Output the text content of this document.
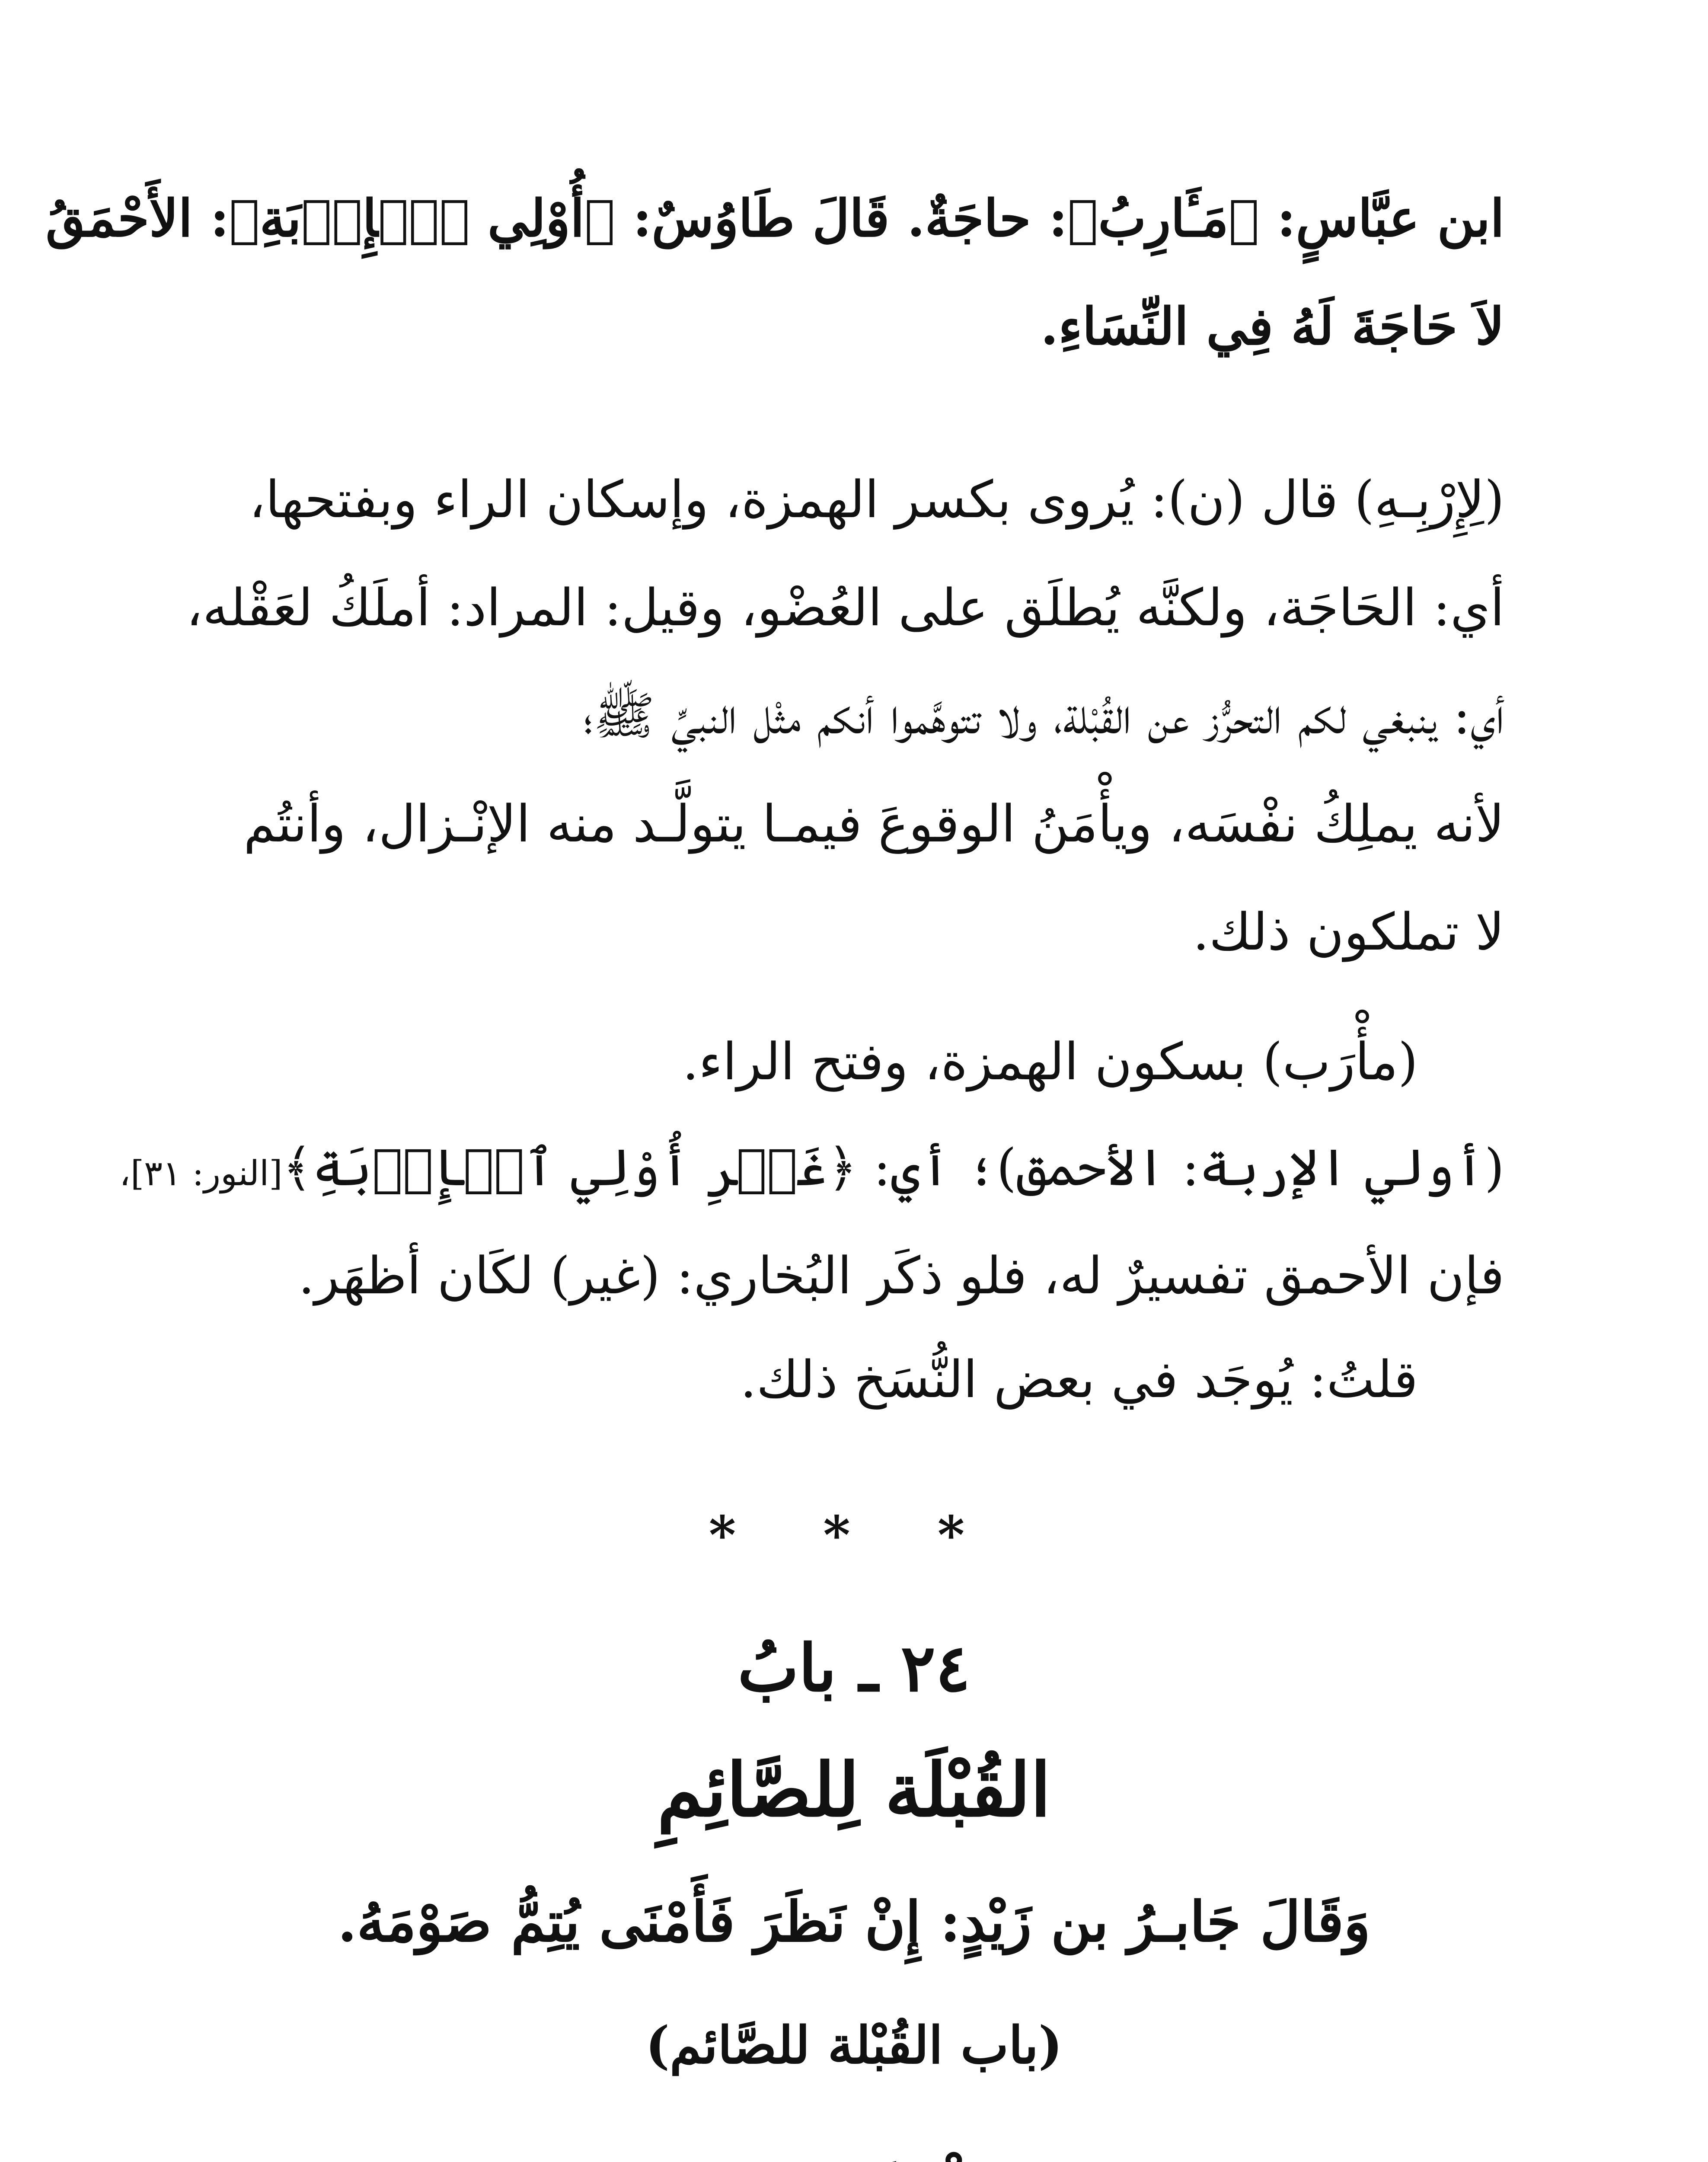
ابن عبَّاسٍ: ﴿مَـَٔارِبُ﴾: حاجَةٌ. قَالَ طَاوُسٌ: ﴿أُوْلِي ٱلۡإِرۡبَةِ﴾: الأَحْمَقُ
لاَ حَاجَةَ لَهُ فِي النِّسَاءِ.
(لِإِرْبِـهِ) قال (ن): يُروى بكسر الهمزة، وإسكان الراء وبفتحها،
أي: الحَاجَة، ولكنَّه يُطلَق على العُضْو، وقيل: المراد: أملَكُ لعَقْله،
أي: ينبغي لكم التحرُّز عن القُبْلة، ولا تتوهَّموا أنكم مثْل النبيِّ ﷺ؛
لأنه يملِكُ نفْسَه، ويأْمَنُ الوقوعَ فيمـا يتولَّـد منه الإنْـزال، وأنتُم
لا تملكون ذلك.
(مأْرَب) بسكون الهمزة، وفتح الراء.
(أولي الإربة: الأحمق)؛ أي: ﴿غَيۡرِ أُوْلِي ٱلۡإِرۡبَةِ﴾[النور: ٣١]،
فإن الأحمق تفسيرٌ له، فلو ذكَر البُخاري: (غير) لكَان أظهَر.
قلتُ: يُوجَد في بعض النُّسَخ ذلك.
* * *
٢٤ ـ بابُ
القُبْلَة لِلصَّائِمِ
وَقَالَ جَابـرُ بن زَيْدٍ: إِنْ نَظَرَ فَأَمْنَى يُتِمُّ صَوْمَهُ.
(باب القُبْلة للصَّائم)
